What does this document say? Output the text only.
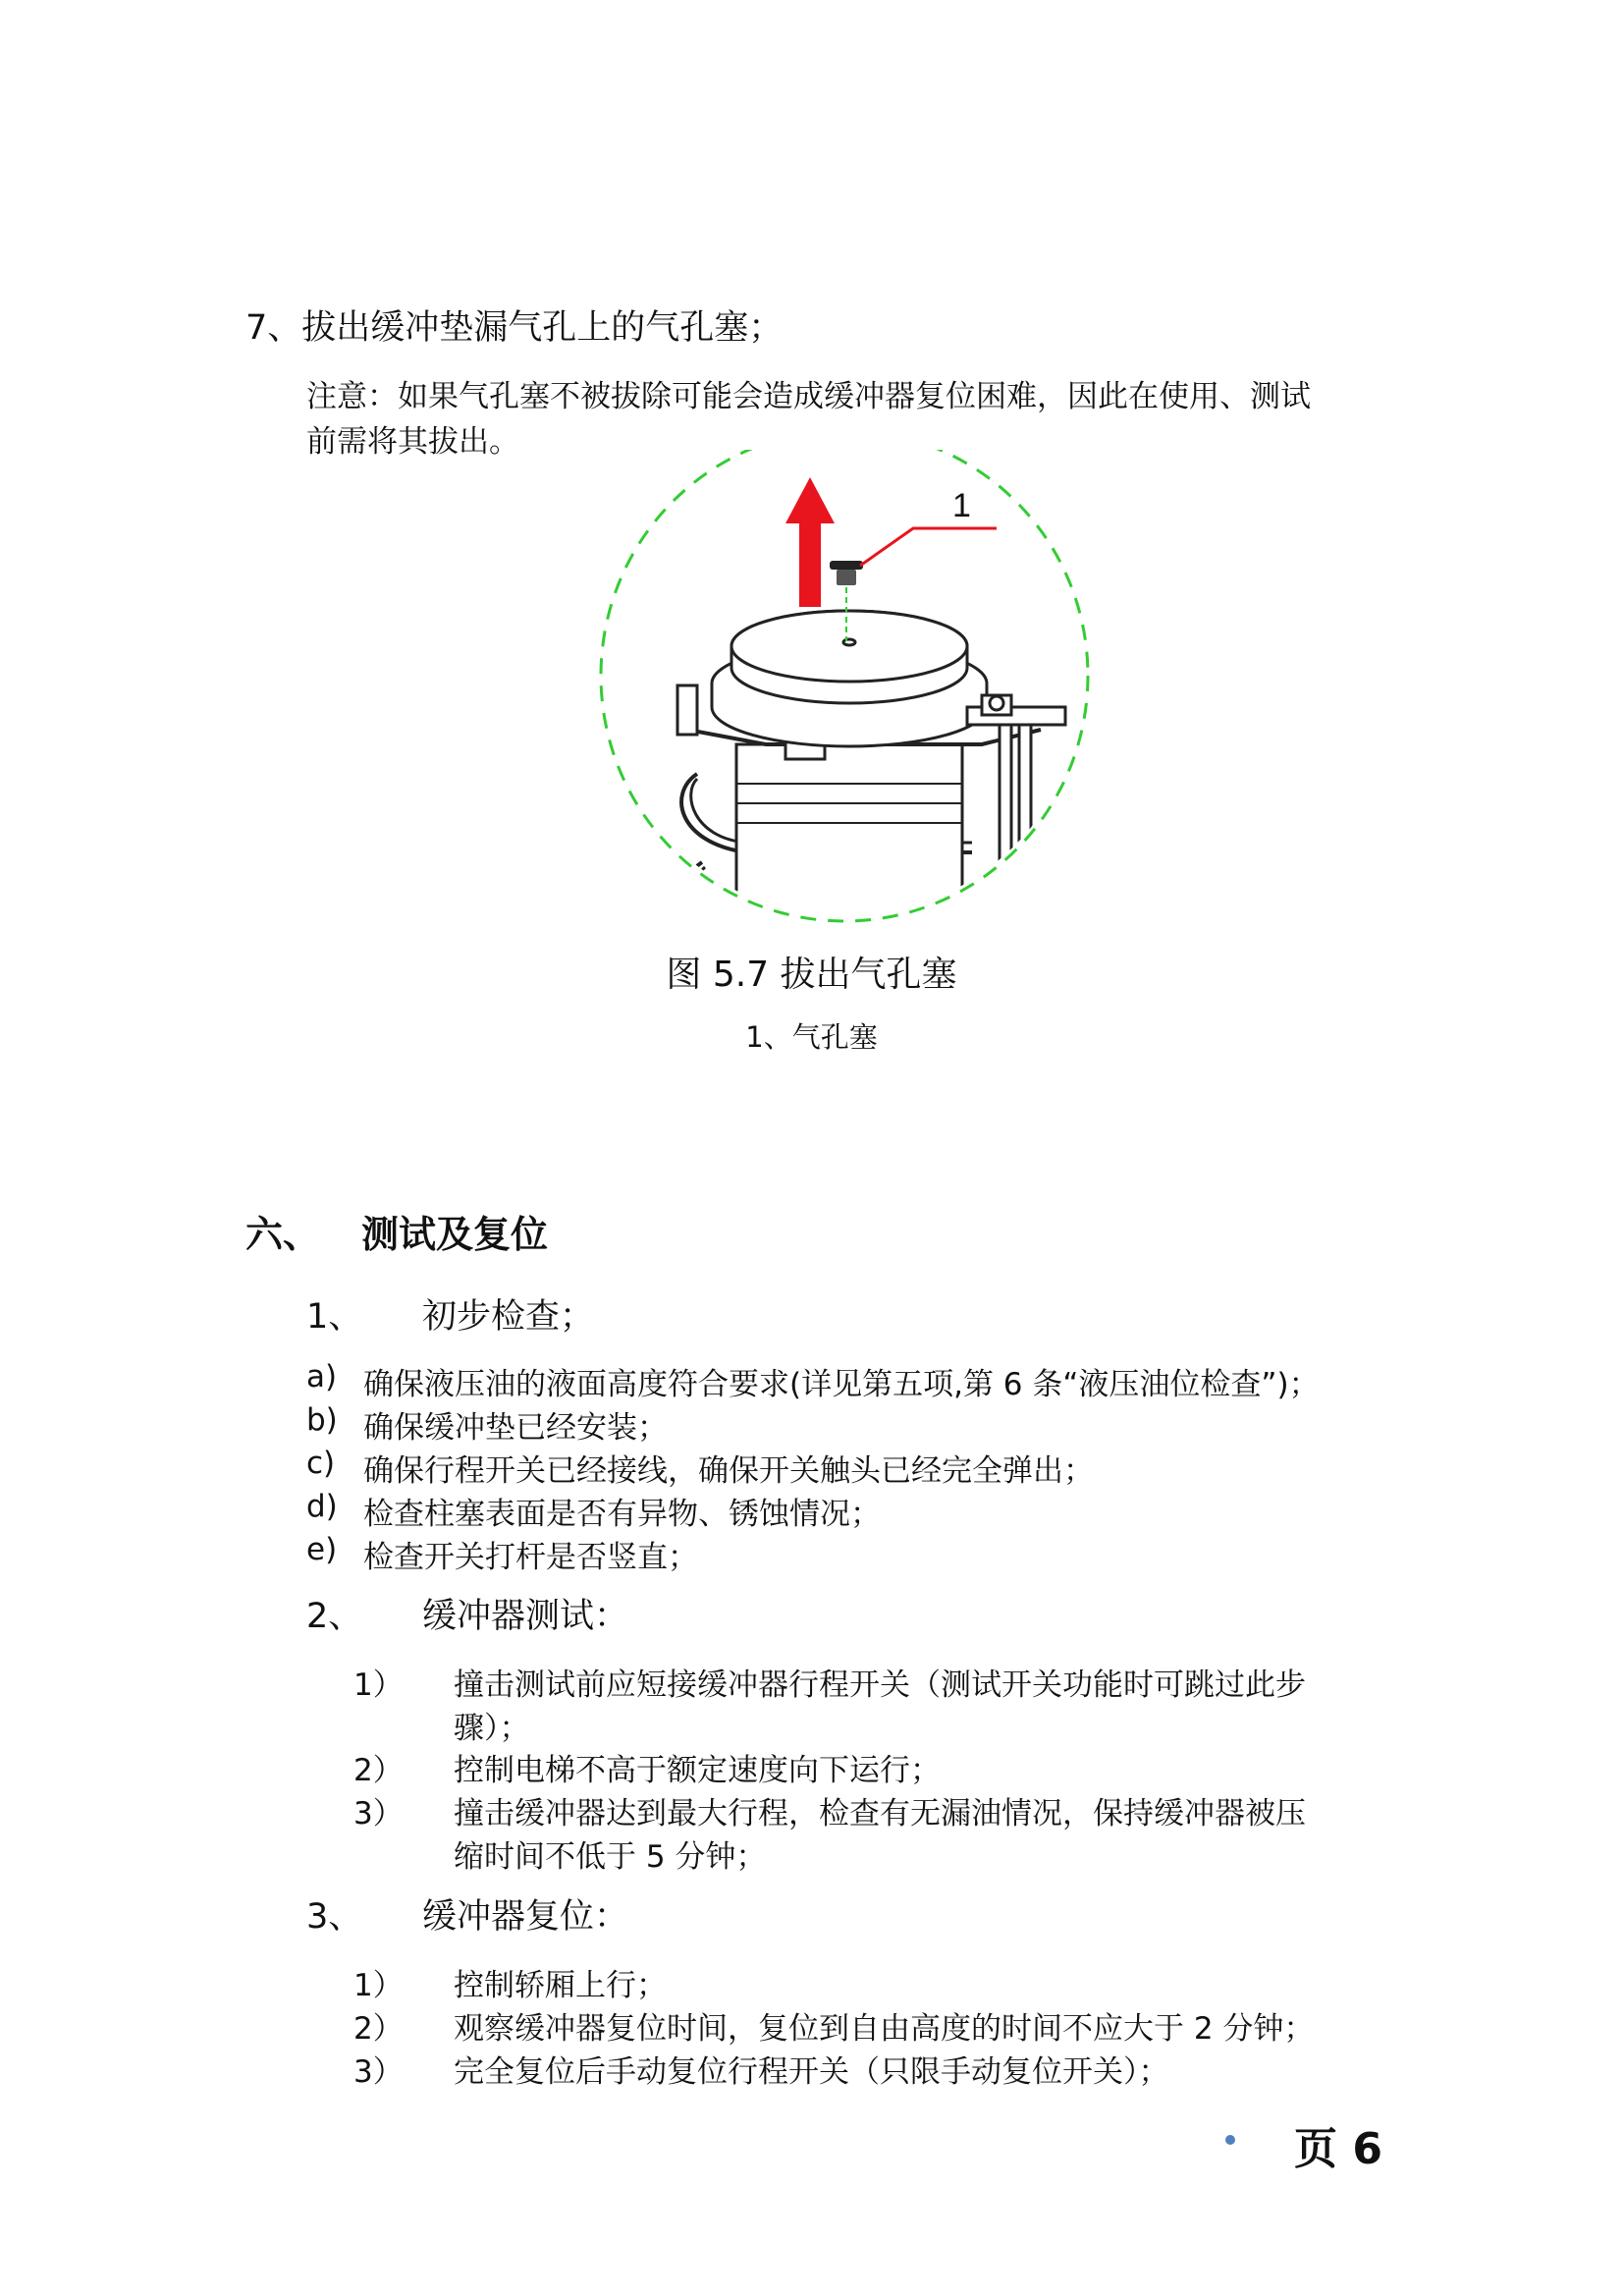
7、拔出缓冲垫漏气孔上的气孔塞；
注意：如果气孔塞不被拔除可能会造成缓冲器复位困难，因此在使用、测试
前需将其拔出。
1
图 5.7 拔出气孔塞
1、气孔塞
六、 测试及复位
1、 初步检查；
a) 确保液压油的液面高度符合要求(详见第五项,第 6 条“液压油位检查”)；
b) 确保缓冲垫已经安装；
c) 确保行程开关已经接线，确保开关触头已经完全弹出；
d) 检查柱塞表面是否有异物、锈蚀情况；
e) 检查开关打杆是否竖直；
2、 缓冲器测试：
1） 撞击测试前应短接缓冲器行程开关（测试开关功能时可跳过此步
骤）；
2） 控制电梯不高于额定速度向下运行；
3） 撞击缓冲器达到最大行程，检查有无漏油情况，保持缓冲器被压
缩时间不低于 5 分钟；
3、 缓冲器复位：
1） 控制轿厢上行；
2） 观察缓冲器复位时间，复位到自由高度的时间不应大于 2 分钟；
3） 完全复位后手动复位行程开关（只限手动复位开关）；
页 6
